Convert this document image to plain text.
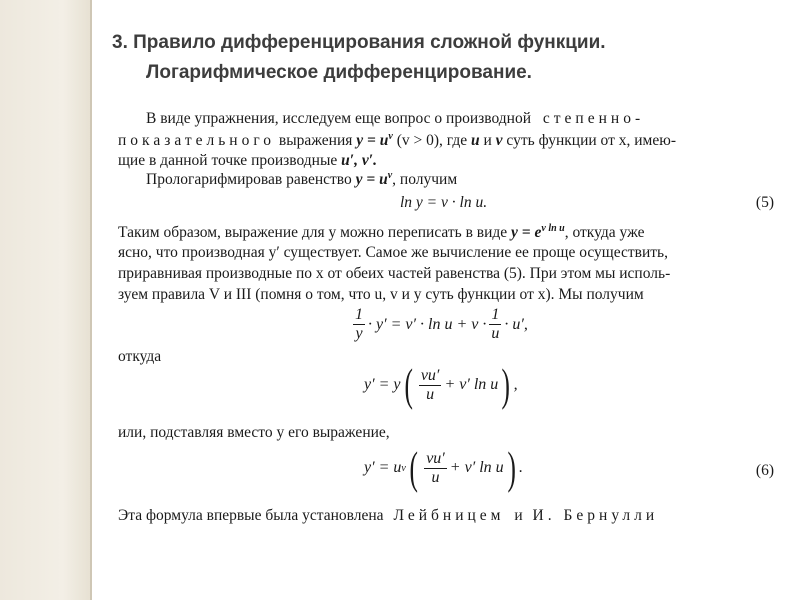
3. Правило дифференцирования сложной функции.
Логарифмическое дифференцирование.
В виде упражнения, исследуем еще вопрос о производной степенно-
показательного выражения $y = u^v$ (v > 0), где u и v суть функции от x, имею-
щие в данной точке производные u′, v′.
Прологарифмировав равенство $y = u^v$, получим
ln y = v · ln u.	(5)
Таким образом, выражение для y можно переписать в виде $y = e^{v ln u}$, откуда уже
ясно, что производная y′ существует. Самое же вычисление ее проще осуществить,
приравнивая производные по x от обеих частей равенства (5). При этом мы исполь-
зуем правила V и III (помня о том, что u, v и y суть функции от x). Мы получим
$\frac{1}{y} \cdot y' = v' \cdot \ln u + v \cdot \frac{1}{u} \cdot u'$,
откуда
y′ = y ( $\frac{vu'}{u} + v'$ ln u ) ,
или, подставляя вместо y его выражение,
y′ = u v ( $\frac{vu'}{u} + v'$ ln u ) .	(6)
Эта формула впервые была установлена Лейбницем и И. Бернулли
